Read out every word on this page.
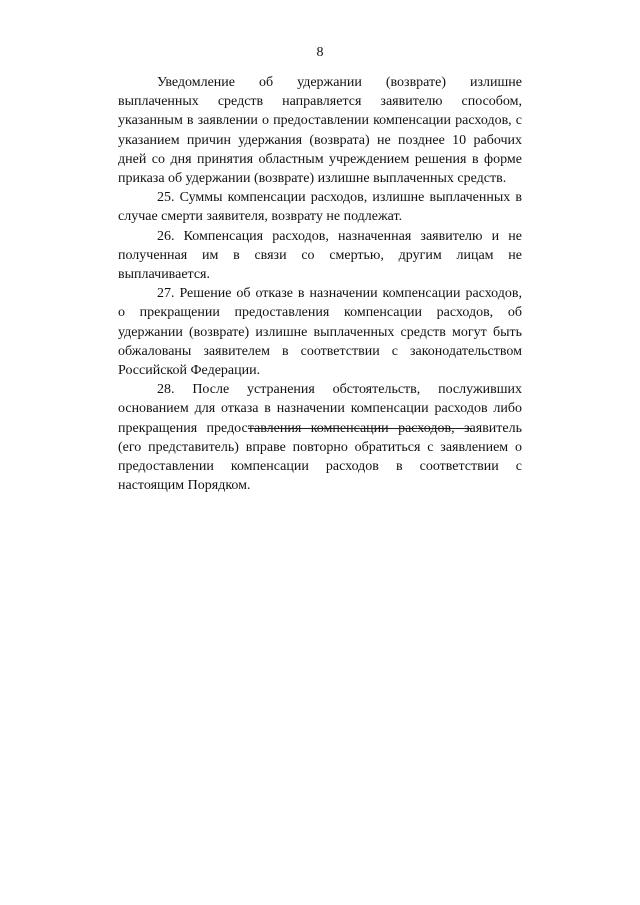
8

Уведомление об удержании (возврате) излишне выплаченных средств направляется заявителю способом, указанным в заявлении о предоставлении компенсации расходов, с указанием причин удержания (возврата) не позднее 10 рабочих дней со дня принятия областным учреждением решения в форме приказа об удержании (возврате) излишне выплаченных средств.

25. Суммы компенсации расходов, излишне выплаченных в случае смерти заявителя, возврату не подлежат.

26. Компенсация расходов, назначенная заявителю и не полученная им в связи со смертью, другим лицам не выплачивается.

27. Решение об отказе в назначении компенсации расходов, о прекращении предоставления компенсации расходов, об удержании (возврате) излишне выплаченных средств могут быть обжалованы заявителем в соответствии с законодательством Российской Федерации.

28. После устранения обстоятельств, послуживших основанием для отказа в назначении компенсации расходов либо прекращения предоставления компенсации расходов, заявитель (его представитель) вправе повторно обратиться с заявлением о предоставлении компенсации расходов в соответствии с настоящим Порядком.
